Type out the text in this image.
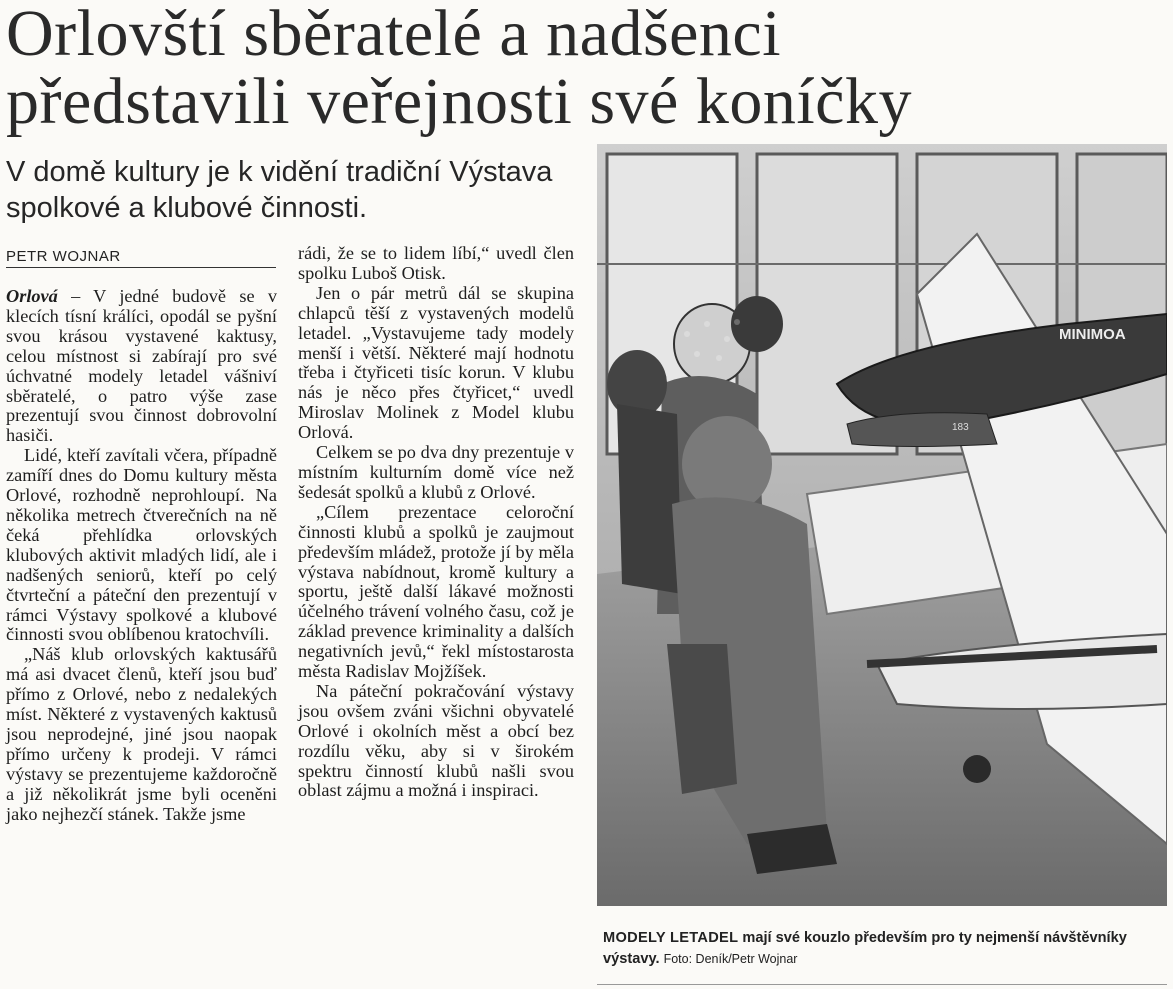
Orlovští sběratelé a nadšenci
představili veřejnosti své koníčky
V domě kultury je k vidění tradiční Výstava
spolkové a klubové činnosti.
PETR WOJNAR

Orlová – V jedné budově se v klecích tísní králíci, opodál se pyšní svou krásou vystavené kaktusy, celou místnost si zabírají pro své úchvatné modely letadel vášniví sběratelé, o patro výše zase prezentují svou činnost dobrovolní hasiči.

Lidé, kteří zavítali včera, případně zamíří dnes do Domu kultury města Orlové, rozhodně neprohloupí. Na několika metrech čtverečních na ně čeká přehlídka orlovských klubových aktivit mladých lidí, ale i nadšených seniorů, kteří po celý čtvrteční a páteční den prezentují v rámci Výstavy spolkové a klubové činnosti svou oblíbenou kratochvíli.

„Náš klub orlovských kaktusářů má asi dvacet členů, kteří jsou buď přímo z Orlové, nebo z nedalekých míst. Některé z vystavených kaktusů jsou neprodejné, jiné jsou naopak přímo určeny k prodeji. V rámci výstavy se prezentujeme každoročně a již několikrát jsme byli oceněni jako nejhezčí stánek. Takže jsme

rádi, že se to lidem líbí,“ uvedl člen spolku Luboš Otisk.

Jen o pár metrů dál se skupina chlapců těší z vystavených modelů letadel. „Vystavujeme tady modely menší i větší. Některé mají hodnotu třeba i čtyřiceti tisíc korun. V klubu nás je něco přes čtyřicet,“ uvedl Miroslav Molinek z Model klubu Orlová.

Celkem se po dva dny prezentuje v místním kulturním domě více než šedesát spolků a klubů z Orlové.

„Cílem prezentace celoroční činnosti klubů a spolků je zaujmout především mládež, protože jí by měla výstava nabídnout, kromě kultury a sportu, ještě další lákavé možnosti účelného trávení volného času, což je základ prevence kriminality a dalších negativních jevů,“ řekl místostarosta města Radislav Mojžíšek.

Na páteční pokračování výstavy jsou ovšem zváni všichni obyvatelé Orlové i okolních měst a obcí bez rozdílu věku, aby si v širokém spektru činností klubů našli svou oblast zájmu a možná i inspiraci.

MINIMOA
183
MODELY LETADEL mají své kouzlo především pro ty nejmenší návštěvníky výstavy. Foto: Deník/Petr Wojnar
